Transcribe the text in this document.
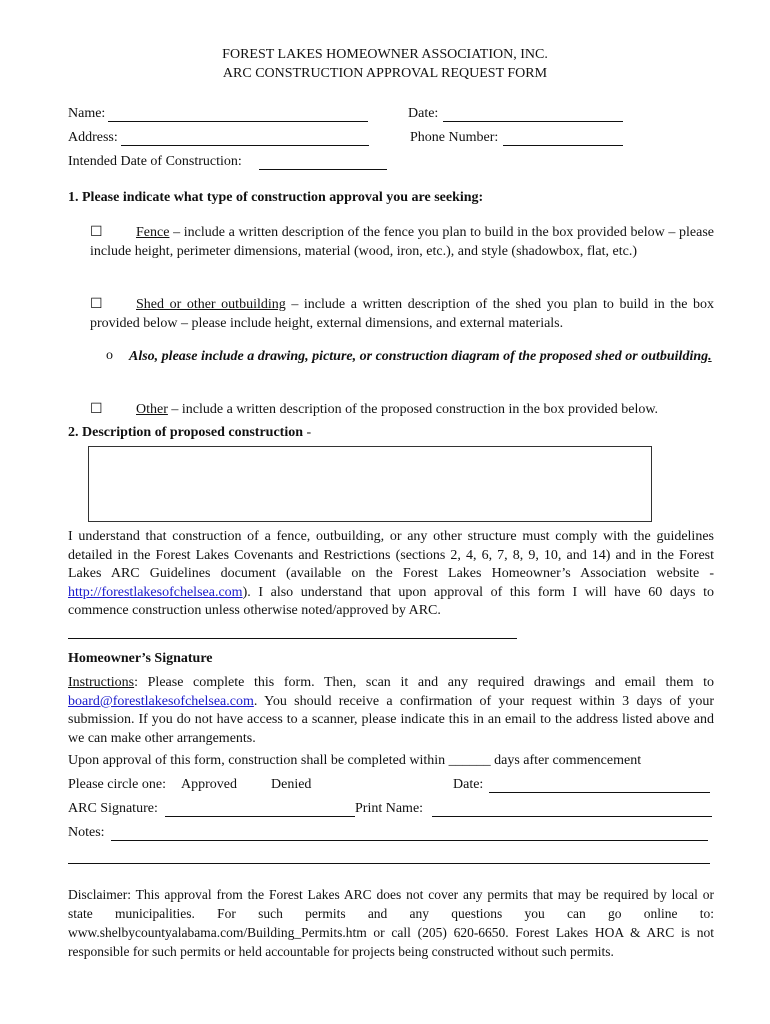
FOREST LAKES HOMEOWNER ASSOCIATION, INC.
ARC CONSTRUCTION APPROVAL REQUEST FORM
Name:	Date:
Address:	Phone Number:
Intended Date of Construction:
1. Please indicate what type of construction approval you are seeking:
☐ Fence – include a written description of the fence you plan to build in the box provided below – please include height, perimeter dimensions, material (wood, iron, etc.), and style (shadowbox, flat, etc.)
☐ Shed or other outbuilding – include a written description of the shed you plan to build in the box provided below – please include height, external dimensions, and external materials.
o	Also, please include a drawing, picture, or construction diagram of the proposed shed or outbuilding.
☐ Other – include a written description of the proposed construction in the box provided below.
2. Description of proposed construction -
I understand that construction of a fence, outbuilding, or any other structure must comply with the guidelines detailed in the Forest Lakes Covenants and Restrictions (sections 2, 4, 6, 7, 8, 9, 10, and 14) and in the Forest Lakes ARC Guidelines document (available on the Forest Lakes Homeowner’s Association website - http://forestlakesofchelsea.com). I also understand that upon approval of this form I will have 60 days to commence construction unless otherwise noted/approved by ARC.
Homeowner’s Signature
Instructions: Please complete this form. Then, scan it and any required drawings and email them to board@forestlakesofchelsea.com. You should receive a confirmation of your request within 3 days of your submission. If you do not have access to a scanner, please indicate this in an email to the address listed above and we can make other arrangements.
Upon approval of this form, construction shall be completed within ______ days after commencement
Please circle one: Approved Denied	Date:
ARC Signature:	Print Name:
Notes:
Disclaimer: This approval from the Forest Lakes ARC does not cover any permits that may be required by local or state municipalities. For such permits and any questions you can go online to: www.shelbycountyalabama.com/Building_Permits.htm or call (205) 620-6650. Forest Lakes HOA & ARC is not responsible for such permits or held accountable for projects being constructed without such permits.
